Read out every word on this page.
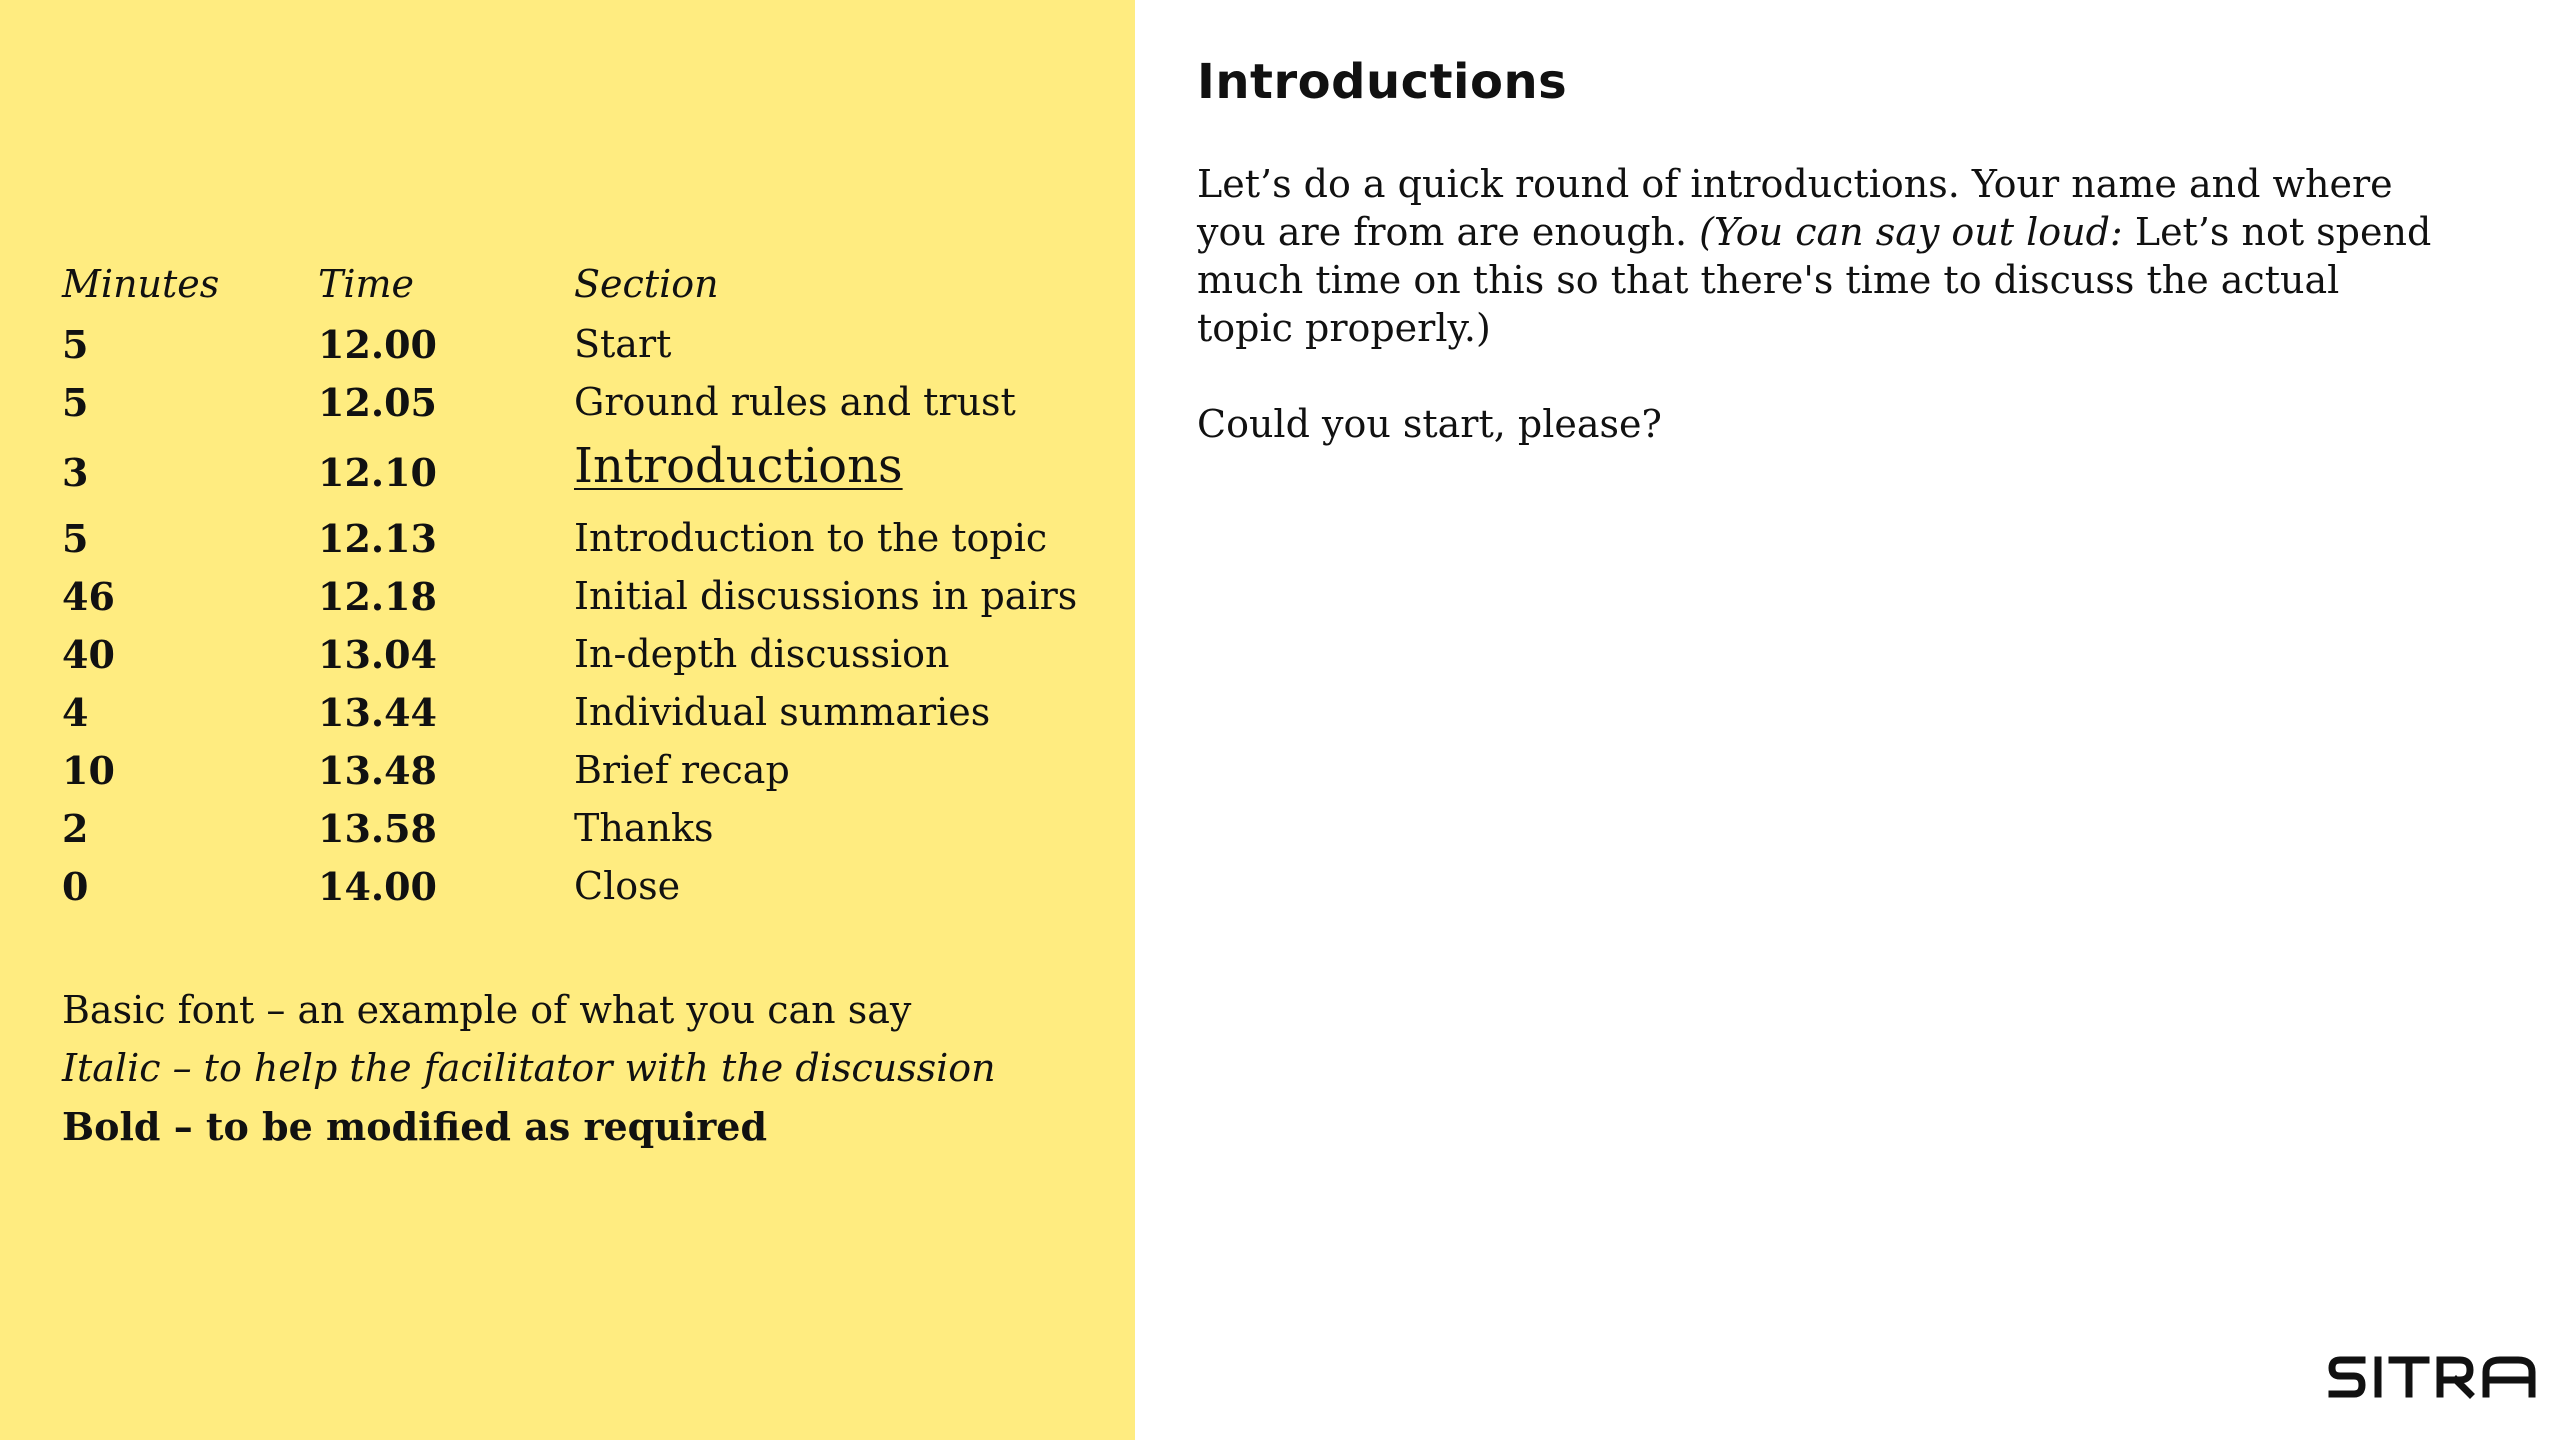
Minutes	Time	Section
5	12.00	Start
5	12.05	Ground rules and trust
3	12.10	Introductions
5	12.13	Introduction to the topic
46	12.18	Initial discussions in pairs
40	13.04	In-depth discussion
4	13.44	Individual summaries
10	13.48	Brief recap
2	13.58	Thanks
0	14.00	Close
Basic font – an example of what you can say
Italic – to help the facilitator with the discussion
Bold – to be modified as required
Introductions

Let’s do a quick round of introductions. Your name and where you are from are enough. (You can say out loud: Let’s not spend much time on this so that there's time to discuss the actual topic properly.)

Could you start, please?
